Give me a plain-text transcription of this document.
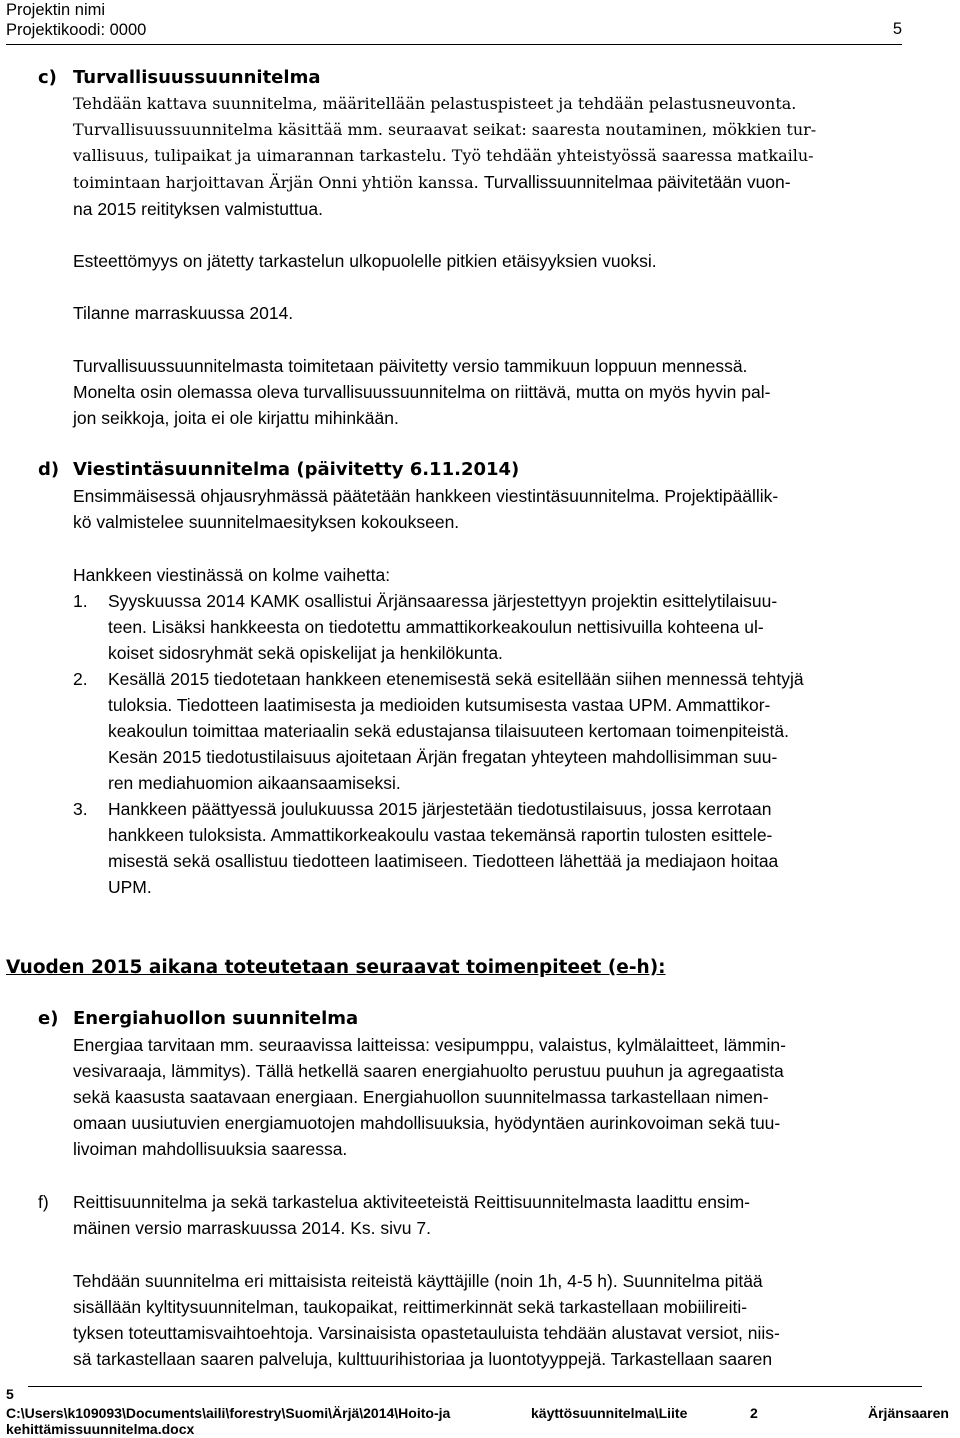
Projektin nimi
Projektikoodi: 0000	5
c) Turvallisuussuunnitelma
Tehdään kattava suunnitelma, määritellään pelastuspisteet ja tehdään pelastusneuvonta.
Turvallisuussuunnitelma käsittää mm. seuraavat seikat: saaresta noutaminen, mökkien tur-
vallisuus, tulipaikat ja uimarannan tarkastelu. Työ tehdään yhteistyössä saaressa matkailu-
toimintaan harjoittavan Ärjän Onni yhtiön kanssa. Turvallissuunnitelmaa päivitetään vuon-
na 2015 reitityksen valmistuttua.
Esteettömyys on jätetty tarkastelun ulkopuolelle pitkien etäisyyksien vuoksi.
Tilanne marraskuussa 2014.
Turvallisuussuunnitelmasta toimitetaan päivitetty versio tammikuun loppuun mennessä.
Monelta osin olemassa oleva turvallisuussuunnitelma on riittävä, mutta on myös hyvin pal-
jon seikkoja, joita ei ole kirjattu mihinkään.
d) Viestintäsuunnitelma (päivitetty 6.11.2014)
Ensimmäisessä ohjausryhmässä päätetään hankkeen viestintäsuunnitelma. Projektipäällik-
kö valmistelee suunnitelmaesityksen kokoukseen.
Hankkeen viestinässä on kolme vaihetta:
1.	Syyskuussa 2014 KAMK osallistui Ärjänsaaressa järjestettyyn projektin esittelytilaisuu-
teen. Lisäksi hankkeesta on tiedotettu ammattikorkeakoulun nettisivuilla kohteena ul-
koiset sidosryhmät sekä opiskelijat ja henkilökunta.
2.	Kesällä 2015 tiedotetaan hankkeen etenemisestä sekä esitellään siihen mennessä tehtyjä
tuloksia. Tiedotteen laatimisesta ja medioiden kutsumisesta vastaa UPM. Ammattikor-
keakoulun toimittaa materiaalin sekä edustajansa tilaisuuteen kertomaan toimenpiteistä.
Kesän 2015 tiedotustilaisuus ajoitetaan Ärjän fregatan yhteyteen mahdollisimman suu-
ren mediahuomion aikaansaamiseksi.
3.	Hankkeen päättyessä joulukuussa 2015 järjestetään tiedotustilaisuus, jossa kerrotaan
hankkeen tuloksista. Ammattikorkeakoulu vastaa tekemänsä raportin tulosten esittele-
misestä sekä osallistuu tiedotteen laatimiseen. Tiedotteen lähettää ja mediajaon hoitaa
UPM.
Vuoden 2015 aikana toteutetaan seuraavat toimenpiteet (e-h):
e) Energiahuollon suunnitelma
Energiaa tarvitaan mm. seuraavissa laitteissa: vesipumppu, valaistus, kylmälaitteet, lämmin-
vesivaraaja, lämmitys). Tällä hetkellä saaren energiahuolto perustuu puuhun ja agregaatista
sekä kaasusta saatavaan energiaan. Energiahuollon suunnitelmassa tarkastellaan nimen-
omaan uusiutuvien energiamuotojen mahdollisuuksia, hyödyntäen aurinkovoiman sekä tuu-
livoiman mahdollisuuksia saaressa.
f)	Reittisuunnitelma ja sekä tarkastelua aktiviteeteistä Reittisuunnitelmasta laadittu ensim-
mäinen versio marraskuussa 2014. Ks. sivu 7.
Tehdään suunnitelma eri mittaisista reiteistä käyttäjille (noin 1h, 4-5 h). Suunnitelma pitää
sisällään kyltitysuunnitelman, taukopaikat, reittimerkinnät sekä tarkastellaan mobiilireiti-
tyksen toteuttamisvaihtoehtoja. Varsinaisista opastetauluista tehdään alustavat versiot, niis-
sä tarkastellaan saaren palveluja, kulttuurihistoriaa ja luontotyyppejä. Tarkastellaan saaren
5
C:\Users\k109093\Documents\aili\forestry\Suomi\Ärjä\2014\Hoito-ja	käyttösuunnitelma\Liite	2	Ärjänsaaren
kehittämissuunnitelma.docx
